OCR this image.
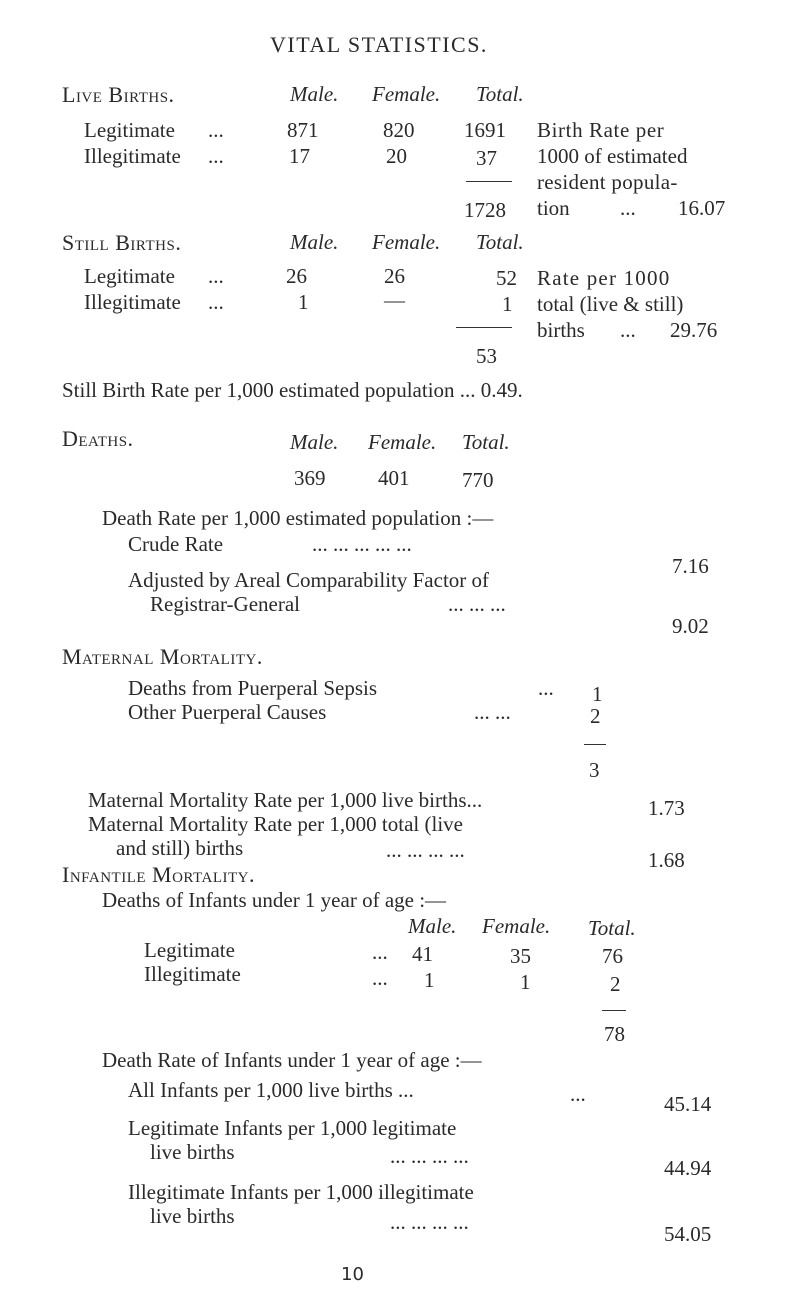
VITAL STATISTICS.
Live Births.	Male. Female. Total.
Legitimate ...	871	820 1691
Illegitimate ...	17	20	37
1728
Birth Rate per
1000 of estimated
resident popula-
tion ... 16.07
Still Births.	Male. Female. Total.
Legitimate ...	26	26	52
Illegitimate ...	1	—	1
53
Rate per 1000
total (live & still)
births ... 29.76
Still Birth Rate per 1,000 estimated population ... 0.49.
Deaths.	Male. Female. Total.
369	401	770
Death Rate per 1,000 estimated population :—
Crude Rate	... ... ... ... ...
7.16
Adjusted by Areal Comparability Factor of
Registrar-General	... ... ...
9.02
Maternal Mortality.
Deaths from Puerperal Sepsis	... 1
Other Puerperal Causes	... ...	2
3
Maternal Mortality Rate per 1,000 live births...	1.73
Maternal Mortality Rate per 1,000 total (live
and still) births	... ... ... ...	1.68
Infantile Mortality.
Deaths of Infants under 1 year of age :—
Male. Female. Total.
Legitimate	... 41	35	76
Illegitimate	... 1	1	2
78
Death Rate of Infants under 1 year of age :—
All Infants per 1,000 live births ...	...	45.14
Legitimate Infants per 1,000 legitimate
live births	... ... ... ...	44.94
Illegitimate Infants per 1,000 illegitimate
live births	... ... ... ...	54.05
10
